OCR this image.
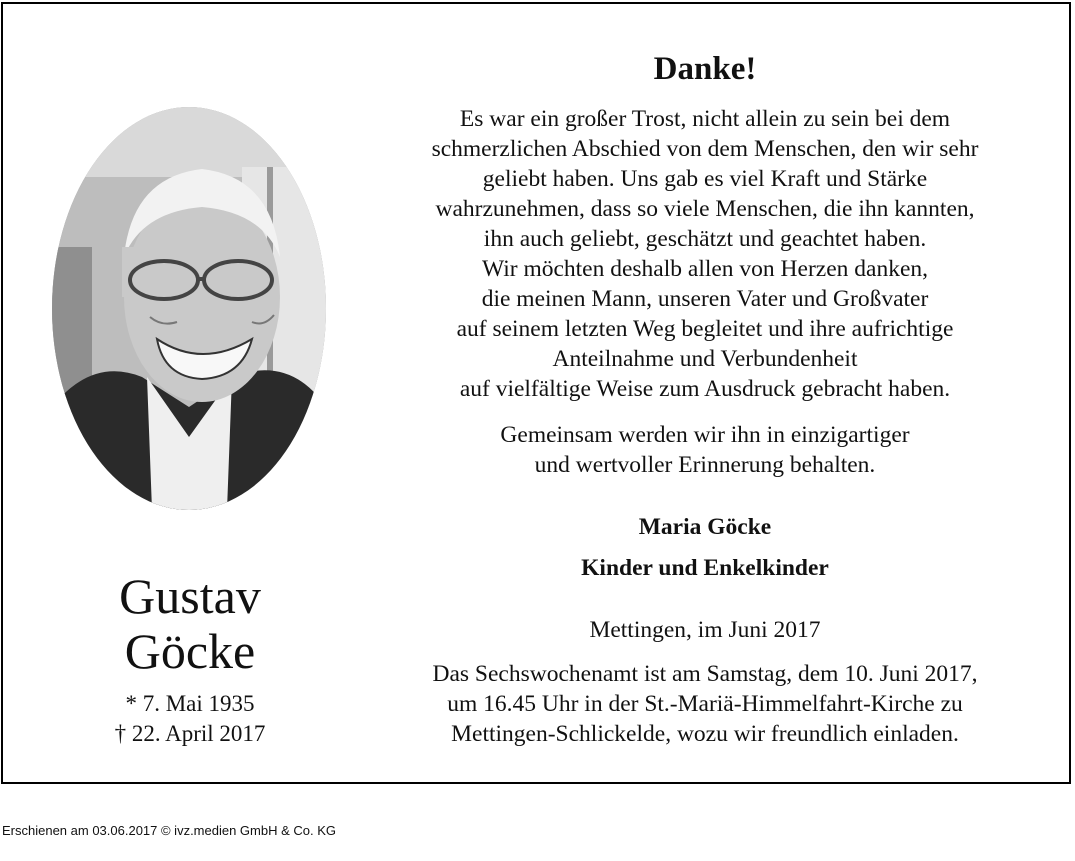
Gustav
Göcke
* 7. Mai 1935
† 22. April 2017
Danke!
Es war ein großer Trost, nicht allein zu sein bei dem
schmerzlichen Abschied von dem Menschen, den wir sehr
geliebt haben. Uns gab es viel Kraft und Stärke
wahrzunehmen, dass so viele Menschen, die ihn kannten,
ihn auch geliebt, geschätzt und geachtet haben.
Wir möchten deshalb allen von Herzen danken,
die meinen Mann, unseren Vater und Großvater
auf seinem letzten Weg begleitet und ihre aufrichtige
Anteilnahme und Verbundenheit
auf vielfältige Weise zum Ausdruck gebracht haben.
Gemeinsam werden wir ihn in einzigartiger
und wertvoller Erinnerung behalten.
Maria Göcke
Kinder und Enkelkinder
Mettingen, im Juni 2017
Das Sechswochenamt ist am Samstag, dem 10. Juni 2017,
um 16.45 Uhr in der St.-Mariä-Himmelfahrt-Kirche zu
Mettingen-Schlickelde, wozu wir freundlich einladen.
Erschienen am 03.06.2017 © ivz.medien GmbH & Co. KG
